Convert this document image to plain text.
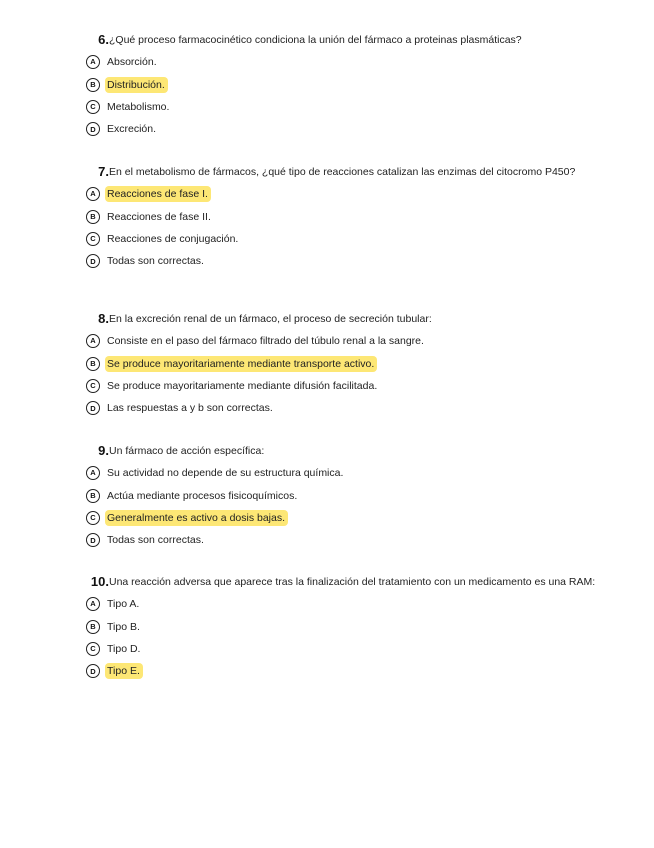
6. ¿Qué proceso farmacocinético condiciona la unión del fármaco a proteinas plasmáticas?
A	Absorción.
B	Distribución.
C	Metabolismo.
D	Excreción.
7. En el metabolismo de fármacos, ¿qué tipo de reacciones catalizan las enzimas del citocromo P450?
A	Reacciones de fase I.
B	Reacciones de fase II.
C	Reacciones de conjugación.
D	Todas son correctas.
8. En la excreción renal de un fármaco, el proceso de secreción tubular:
A	Consiste en el paso del fármaco filtrado del túbulo renal a la sangre.
B	Se produce mayoritariamente mediante transporte activo.
C	Se produce mayoritariamente mediante difusión facilitada.
D	Las respuestas a y b son correctas.
9. Un fármaco de acción específica:
A	Su actividad no depende de su estructura química.
B	Actúa mediante procesos fisicoquímicos.
C	Generalmente es activo a dosis bajas.
D	Todas son correctas.
10. Una reacción adversa que aparece tras la finalización del tratamiento con un medicamento es una RAM:
A	Tipo A.
B	Tipo B.
C	Tipo D.
D	Tipo E.
